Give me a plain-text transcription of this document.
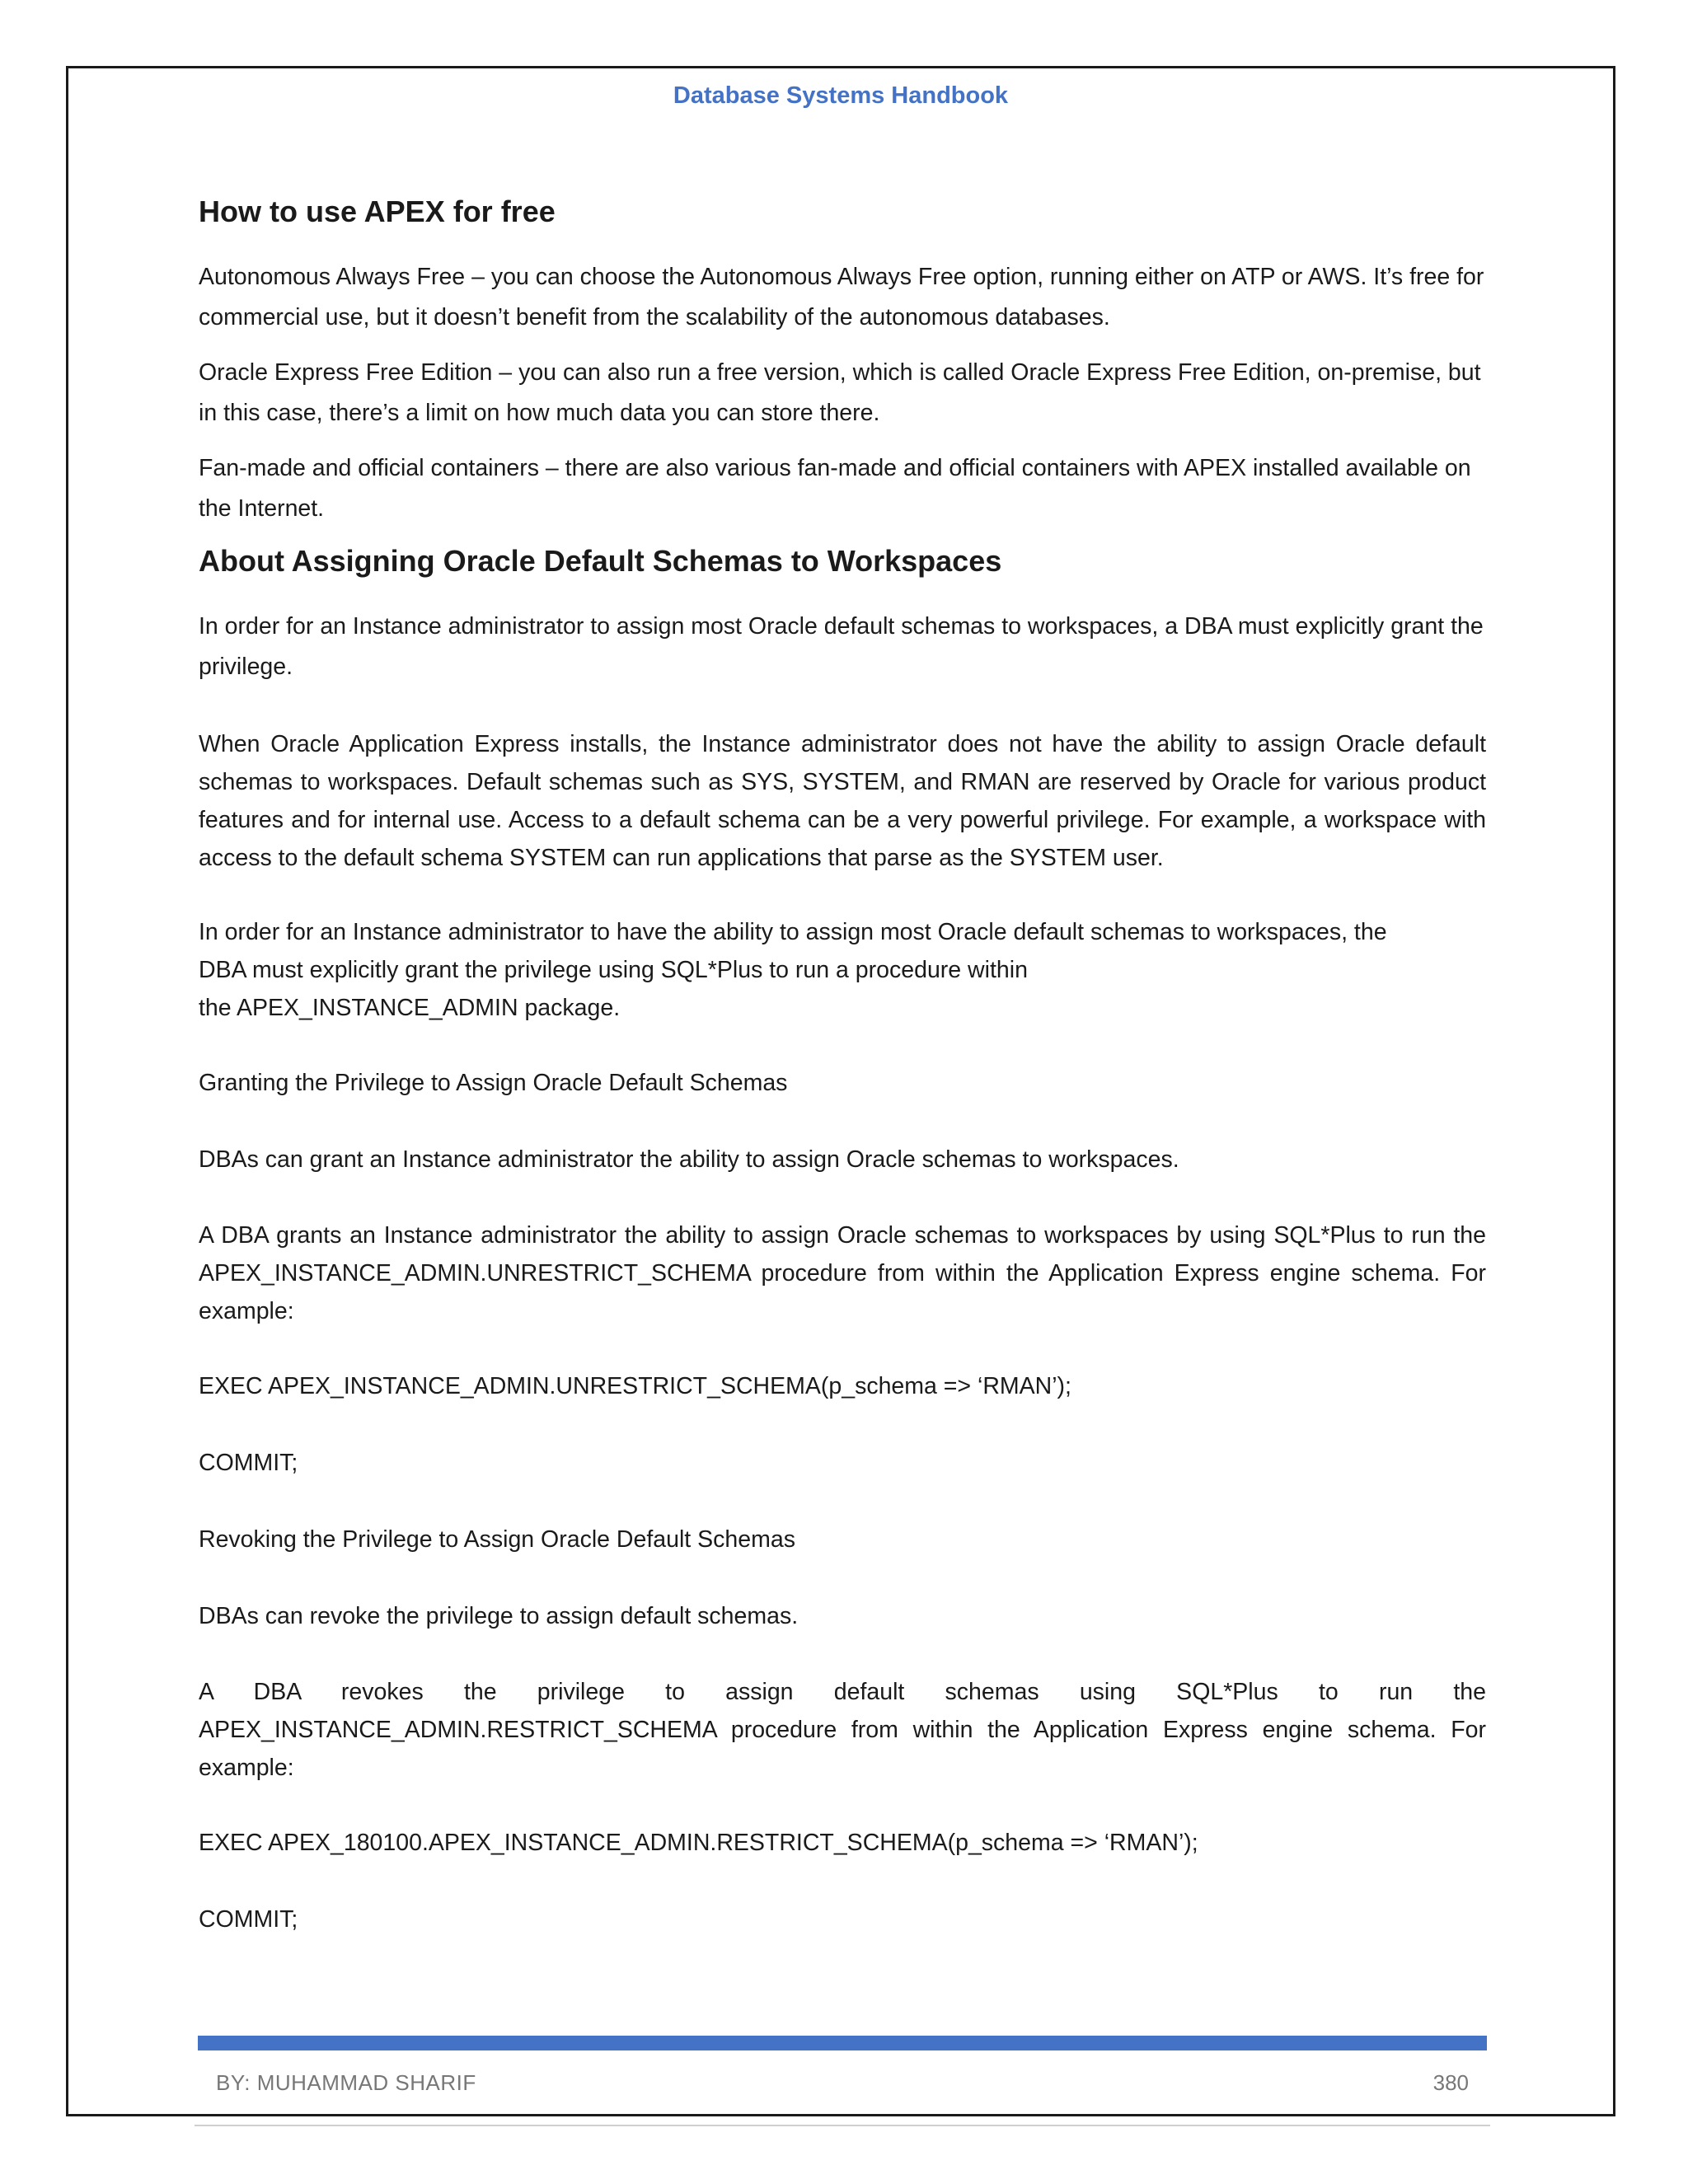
Database Systems Handbook
How to use APEX for free

Autonomous Always Free – you can choose the Autonomous Always Free option, running either on ATP or AWS. It’s free for commercial use, but it doesn’t benefit from the scalability of the autonomous databases.

Oracle Express Free Edition – you can also run a free version, which is called Oracle Express Free Edition, on-premise, but in this case, there’s a limit on how much data you can store there.

Fan-made and official containers – there are also various fan-made and official containers with APEX installed available on the Internet.

About Assigning Oracle Default Schemas to Workspaces

In order for an Instance administrator to assign most Oracle default schemas to workspaces, a DBA must explicitly grant the privilege.

When Oracle Application Express installs, the Instance administrator does not have the ability to assign Oracle default schemas to workspaces. Default schemas such as SYS, SYSTEM, and RMAN are reserved by Oracle for various product features and for internal use. Access to a default schema can be a very powerful privilege. For example, a workspace with access to the default schema SYSTEM can run applications that parse as the SYSTEM user.

In order for an Instance administrator to have the ability to assign most Oracle default schemas to workspaces, the

DBA must explicitly grant the privilege using SQL*Plus to run a procedure within

the APEX_INSTANCE_ADMIN package.

Granting the Privilege to Assign Oracle Default Schemas

DBAs can grant an Instance administrator the ability to assign Oracle schemas to workspaces.

A DBA grants an Instance administrator the ability to assign Oracle schemas to workspaces by using SQL*Plus to run the APEX_INSTANCE_ADMIN.UNRESTRICT_SCHEMA procedure from within the Application Express engine schema. For example:

EXEC APEX_INSTANCE_ADMIN.UNRESTRICT_SCHEMA(p_schema => ‘RMAN’);

COMMIT;

Revoking the Privilege to Assign Oracle Default Schemas

DBAs can revoke the privilege to assign default schemas.

A DBA revokes the privilege to assign default schemas using SQL*Plus to run the APEX_INSTANCE_ADMIN.RESTRICT_SCHEMA procedure from within the Application Express engine schema. For example:

EXEC APEX_180100.APEX_INSTANCE_ADMIN.RESTRICT_SCHEMA(p_schema => ‘RMAN’);

COMMIT;

BY: MUHAMMAD SHARIF	380
